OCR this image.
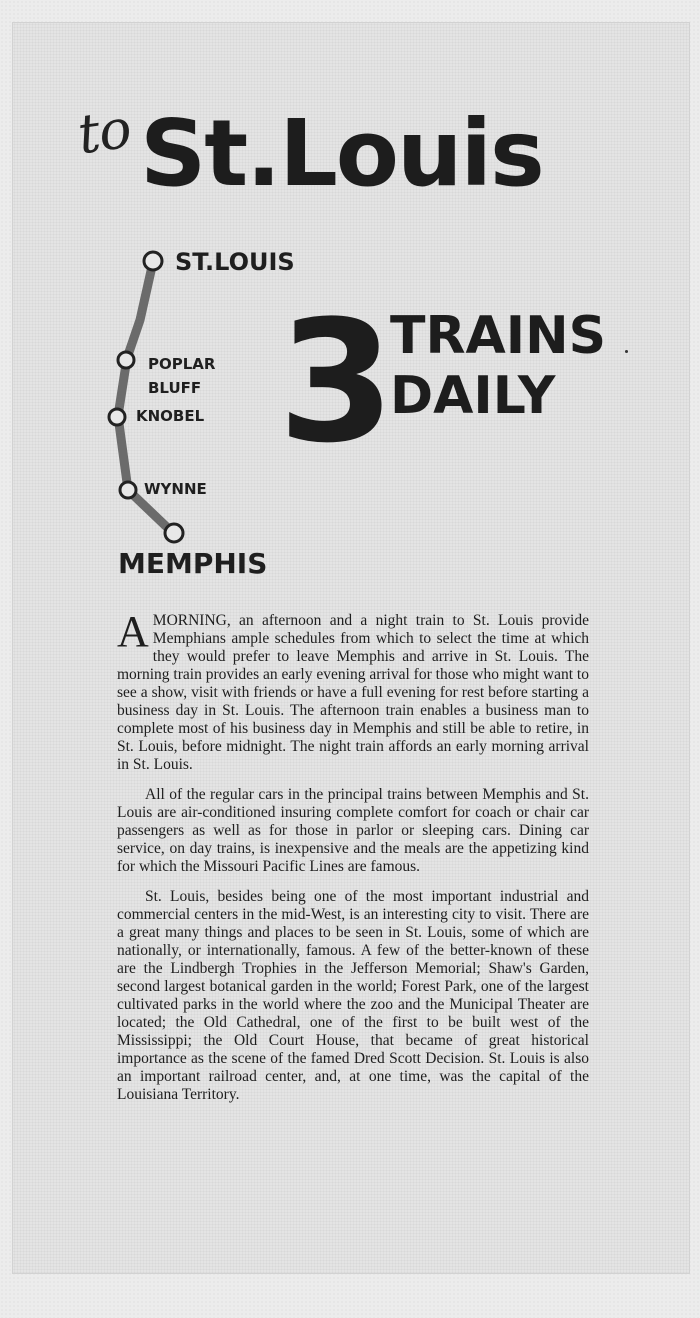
to St.Louis
ST.LOUIS
POPLAR
BLUFF
KNOBEL
WYNNE
MEMPHIS
3 TRAINS
DAILY

AMORNING, an afternoon and a night train to St. Louis provide Memphians ample schedules from which to select the time at which they would prefer to leave Memphis and arrive in St. Louis. The morning train provides an early evening arrival for those who might want to see a show, visit with friends or have a full evening for rest before starting a business day in St. Louis. The afternoon train enables a business man to complete most of his business day in Memphis and still be able to retire, in St. Louis, before midnight. The night train affords an early morning arrival in St. Louis.

All of the regular cars in the principal trains between Memphis and St. Louis are air-conditioned insuring complete comfort for coach or chair car passengers as well as for those in parlor or sleeping cars. Dining car service, on day trains, is inexpensive and the meals are the appetizing kind for which the Missouri Pacific Lines are famous.

St. Louis, besides being one of the most important industrial and commercial centers in the mid-West, is an interesting city to visit. There are a great many things and places to be seen in St. Louis, some of which are nationally, or internationally, famous. A few of the better-known of these are the Lindbergh Trophies in the Jefferson Memorial; Shaw's Garden, second largest botanical garden in the world; Forest Park, one of the largest cultivated parks in the world where the zoo and the Municipal Theater are located; the Old Cathedral, one of the first to be built west of the Mississippi; the Old Court House, that became of great historical importance as the scene of the famed Dred Scott Decision. St. Louis is also an important railroad center, and, at one time, was the capital of the Louisiana Territory.
